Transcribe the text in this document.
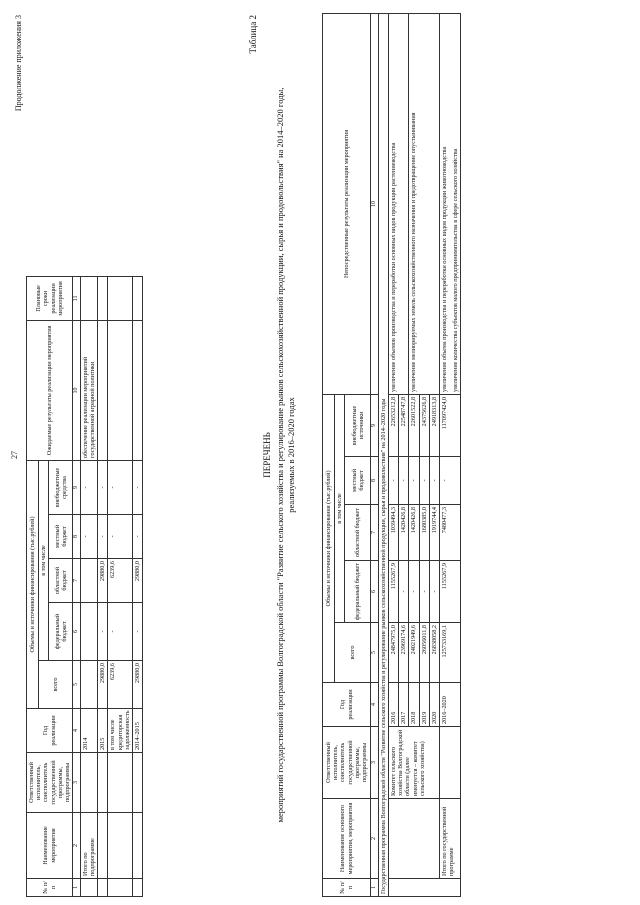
27
Продолжение приложения 3
№ п/п	Наименование мероприятия	Ответственный исполнитель, соисполнитель государственной программы, подпрограммы	Год реализации	Объемы и источники финансирования (тыс.рублей)					Ожидаемые результаты реализации мероприятия	Плановые сроки реализации мероприятия	
				всего	в том числе						
					федеральный бюджет	областной бюджет	местный бюджет	внебюджетные средства			
1	2	3	4	5	6	7	8	9	10	11	
	Итого по подпрограмме		2014				-	-	обеспечение реализации мероприятий государственной аграрной политики		
			2015	29880,0	-	29880,0	-	-			
			в том числе кредиторская задолженность	6239,6	-	6239,6	-	-			
			2014–2015	29880,0	-	29880,0	-	-			
Таблица 2
ПЕРЕЧЕНЬ мероприятий государственной программы Волгоградской области "Развитие сельского хозяйства и регулирование рынков сельскохозяйственной продукции, сырья и продовольствия" на 2014–2020 годы, реализуемых в 2016–2020 годах
№ п/п	Наименование основного мероприятия, мероприятия	Ответственный исполнитель, соисполнитель государственной программы, подпрограммы	Год реализации	Объемы и источники финансирования (тыс.рублей)					Непосредственные результаты реализации мероприятия
				всего	в том числе				
					федеральный бюджет	областной бюджет	местный бюджет	внебюджетные источники	
1	2	3	4	5	6	7	8	9	10
Государственная программа Волгоградской области "Развитие сельского хозяйства и регулирование рынков сельскохозяйственной продукции, сырья и продовольствия" на 2014–2020 годы									
		Комитет сельского хозяйства Волгоградской области (далее именуется – комитет сельского хозяйства)	2016	24847975,0	1155267,9	1039494,3	-	22653212,8	увеличение объемов производства и переработки основных видов продукции растениеводства
			2017	23969174,6	-	1420426,8	-	22548747,8	
			2018	24021949,6	-	1420426,8	-	22601522,8	увеличение мелиорируемых земель сельскохозяйственного назначения и предотвращение опустынивания
			2019	26056011,8	-	1680385,0	-	24375626,8	
			2020	26838058,2	-	1919744,4	-	24918313,8	
	Итого по государственной программе		2016–2020	125733169,1	1155267,9	7480477,3	-	117097424,0	увеличение объема производства и переработки основных видов продукции животноводства увеличение количества субъектов малого предпринимательства в сфере сельского хозяйства
